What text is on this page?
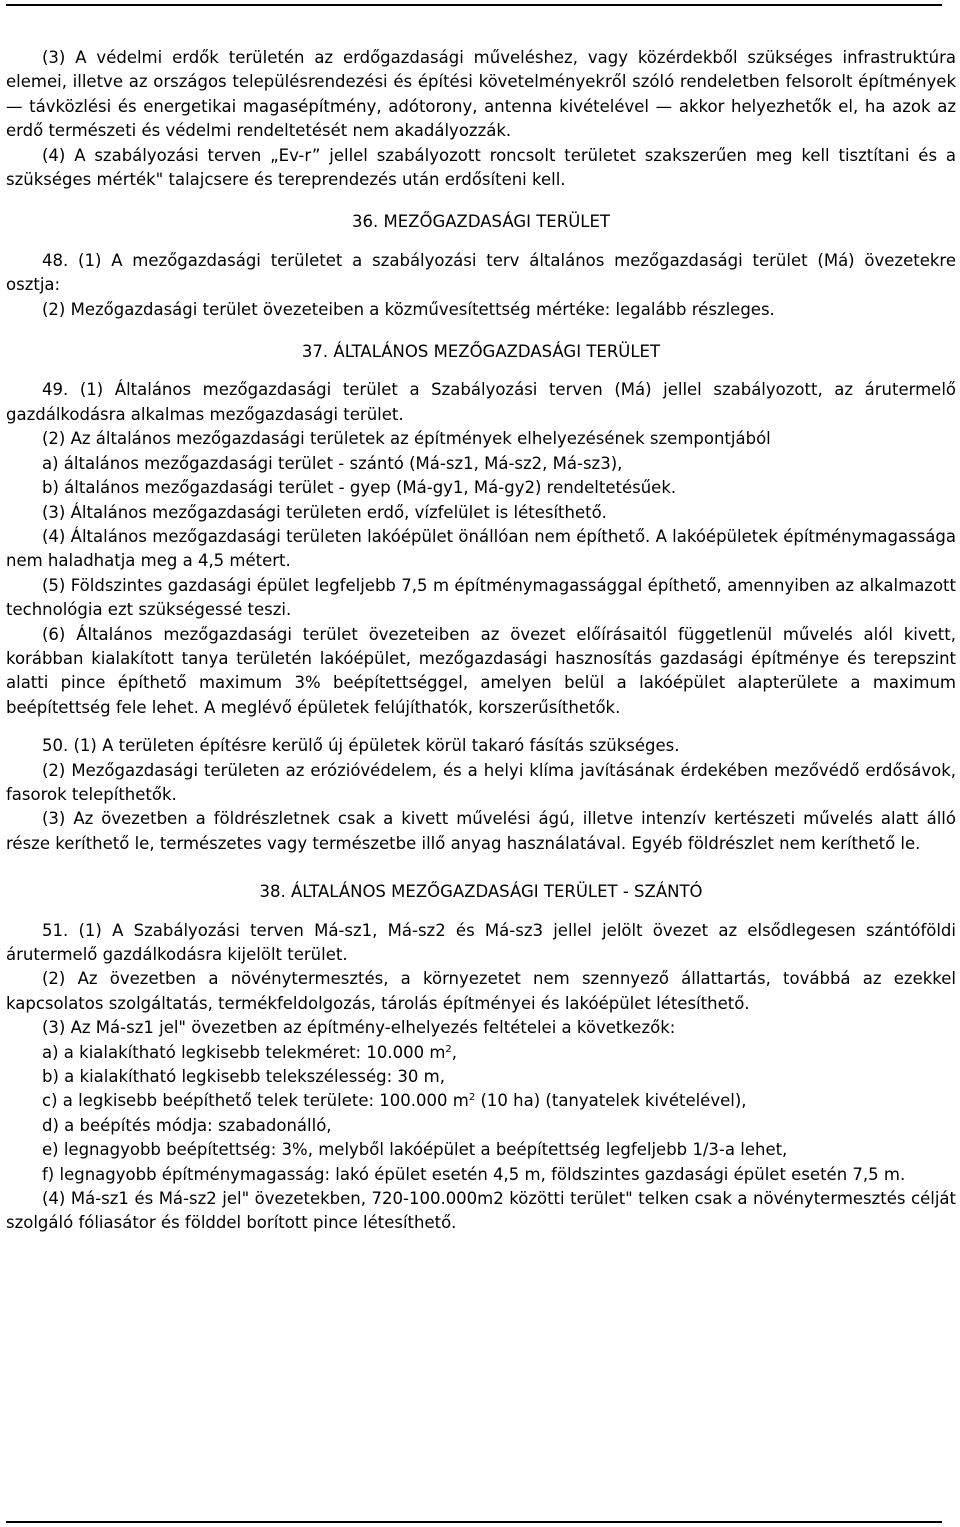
(3) A védelmi erdők területén az erdőgazdasági műveléshez, vagy közérdekből szükséges infrastruktúra elemei, illetve az országos településrendezési és építési követelményekről szóló rendeletben felsorolt építmények — távközlési és energetikai magasépítmény, adótorony, antenna kivételével — akkor helyezhetők el, ha azok az erdő természeti és védelmi rendeltetését nem akadályozzák.

(4) A szabályozási terven „Ev-r” jellel szabályozott roncsolt területet szakszerűen meg kell tisztítani és a szükséges mérték" talajcsere és tereprendezés után erdősíteni kell.

36. MEZŐGAZDASÁGI TERÜLET

48. (1) A mezőgazdasági területet a szabályozási terv általános mezőgazdasági terület (Má) övezetekre osztja:

(2) Mezőgazdasági terület övezeteiben a közművesítettség mértéke: legalább részleges.

37. ÁLTALÁNOS MEZŐGAZDASÁGI TERÜLET

49. (1) Általános mezőgazdasági terület a Szabályozási terven (Má) jellel szabályozott, az árutermelő gazdálkodásra alkalmas mezőgazdasági terület.

(2) Az általános mezőgazdasági területek az építmények elhelyezésének szempontjából

a) általános mezőgazdasági terület - szántó (Má-sz1, Má-sz2, Má-sz3),

b) általános mezőgazdasági terület - gyep (Má-gy1, Má-gy2) rendeltetésűek.

(3) Általános mezőgazdasági területen erdő, vízfelület is létesíthető.

(4) Általános mezőgazdasági területen lakóépület önállóan nem építhető. A lakóépületek építménymagassága nem haladhatja meg a 4,5 métert.

(5) Földszintes gazdasági épület legfeljebb 7,5 m építménymagassággal építhető, amennyiben az alkalmazott technológia ezt szükségessé teszi.

(6) Általános mezőgazdasági terület övezeteiben az övezet előírásaitól függetlenül művelés alól kivett, korábban kialakított tanya területén lakóépület, mezőgazdasági hasznosítás gazdasági építménye és terepszint alatti pince építhető maximum 3% beépítettséggel, amelyen belül a lakóépület alapterülete a maximum beépítettség fele lehet. A meglévő épületek felújíthatók, korszerűsíthetők.

50. (1) A területen építésre kerülő új épületek körül takaró fásítás szükséges.

(2) Mezőgazdasági területen az erózióvédelem, és a helyi klíma javításának érdekében mezővédő erdősávok, fasorok telepíthetők.

(3) Az övezetben a földrészletnek csak a kivett művelési ágú, illetve intenzív kertészeti művelés alatt álló része keríthető le, természetes vagy természetbe illő anyag használatával. Egyéb földrészlet nem keríthető le.

38. ÁLTALÁNOS MEZŐGAZDASÁGI TERÜLET - SZÁNTÓ

51. (1) A Szabályozási terven Má-sz1, Má-sz2 és Má-sz3 jellel jelölt övezet az elsődlegesen szántóföldi árutermelő gazdálkodásra kijelölt terület.

(2) Az övezetben a növénytermesztés, a környezetet nem szennyező állattartás, továbbá az ezekkel kapcsolatos szolgáltatás, termékfeldolgozás, tárolás építményei és lakóépület létesíthető.

(3) Az Má-sz1 jel" övezetben az építmény-elhelyezés feltételei a következők:

a) a kialakítható legkisebb telekméret: 10.000 $m^2$,

b) a kialakítható legkisebb telekszélesség: 30 m,

c) a legkisebb beépíthető telek területe: 100.000 $m^2$ (10 ha) (tanyatelek kivételével),

d) a beépítés módja: szabadonálló,

e) legnagyobb beépítettség: 3%, melyből lakóépület a beépítettség legfeljebb 1/3-a lehet,

f) legnagyobb építménymagasság: lakó épület esetén 4,5 m, földszintes gazdasági épület esetén 7,5 m.

(4) Má-sz1 és Má-sz2 jel" övezetekben, 720-100.000m2 közötti terület" telken csak a növénytermesztés célját szolgáló fóliasátor és földdel borított pince létesíthető.
